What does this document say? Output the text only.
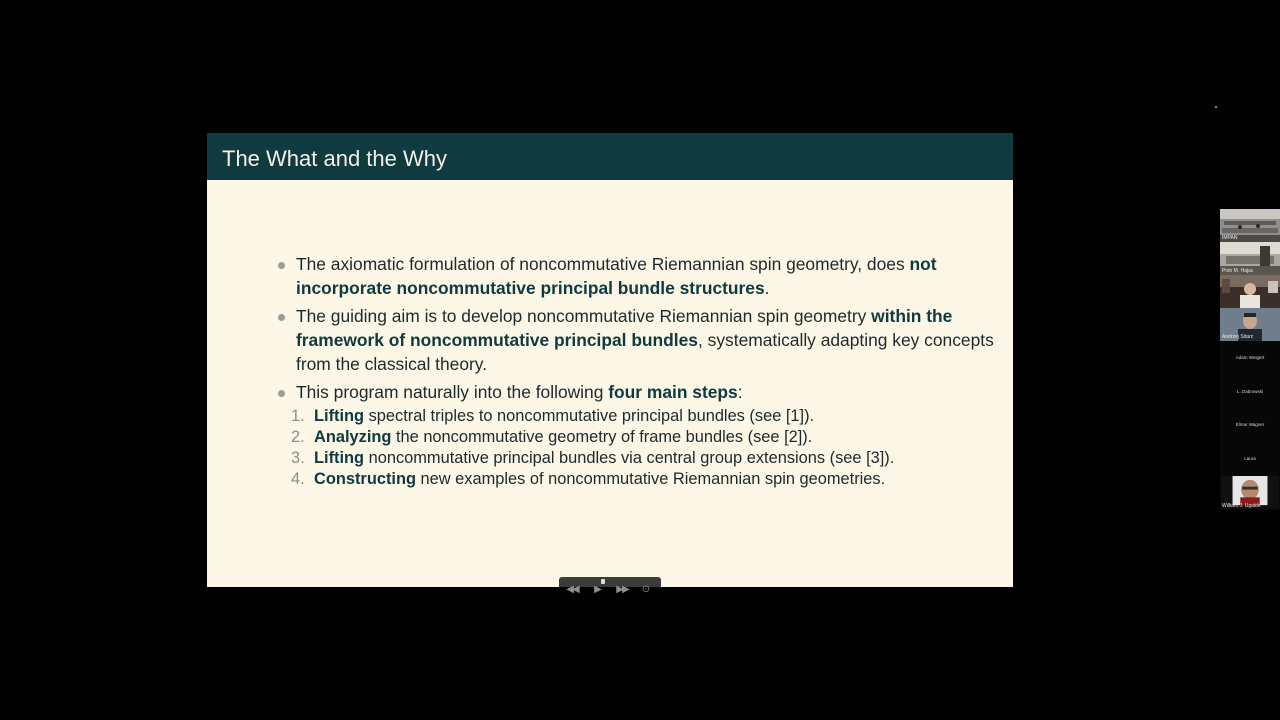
The What and the Why
The axiomatic formulation of noncommutative Riemannian spin geometry, does not incorporate noncommutative principal bundle structures.
The guiding aim is to develop noncommutative Riemannian spin geometry within the framework of noncommutative principal bundles, systematically adapting key concepts from the classical theory.
This program naturally into the following four main steps:
1. Lifting spectral triples to noncommutative principal bundles (see [1]).
2. Analyzing the noncommutative geometry of frame bundles (see [2]).
3. Lifting noncommutative principal bundles via central group extensions (see [3]).
4. Constructing new examples of noncommutative Riemannian spin geometries.
◀◀	▶	▶▶	⊙
IMPAN
Piotr M. Hajac
Andrzej Sitarz
Adam Weigert
L. Dabrowski
Elmar Wagner
Laura
William J. Ugalde
